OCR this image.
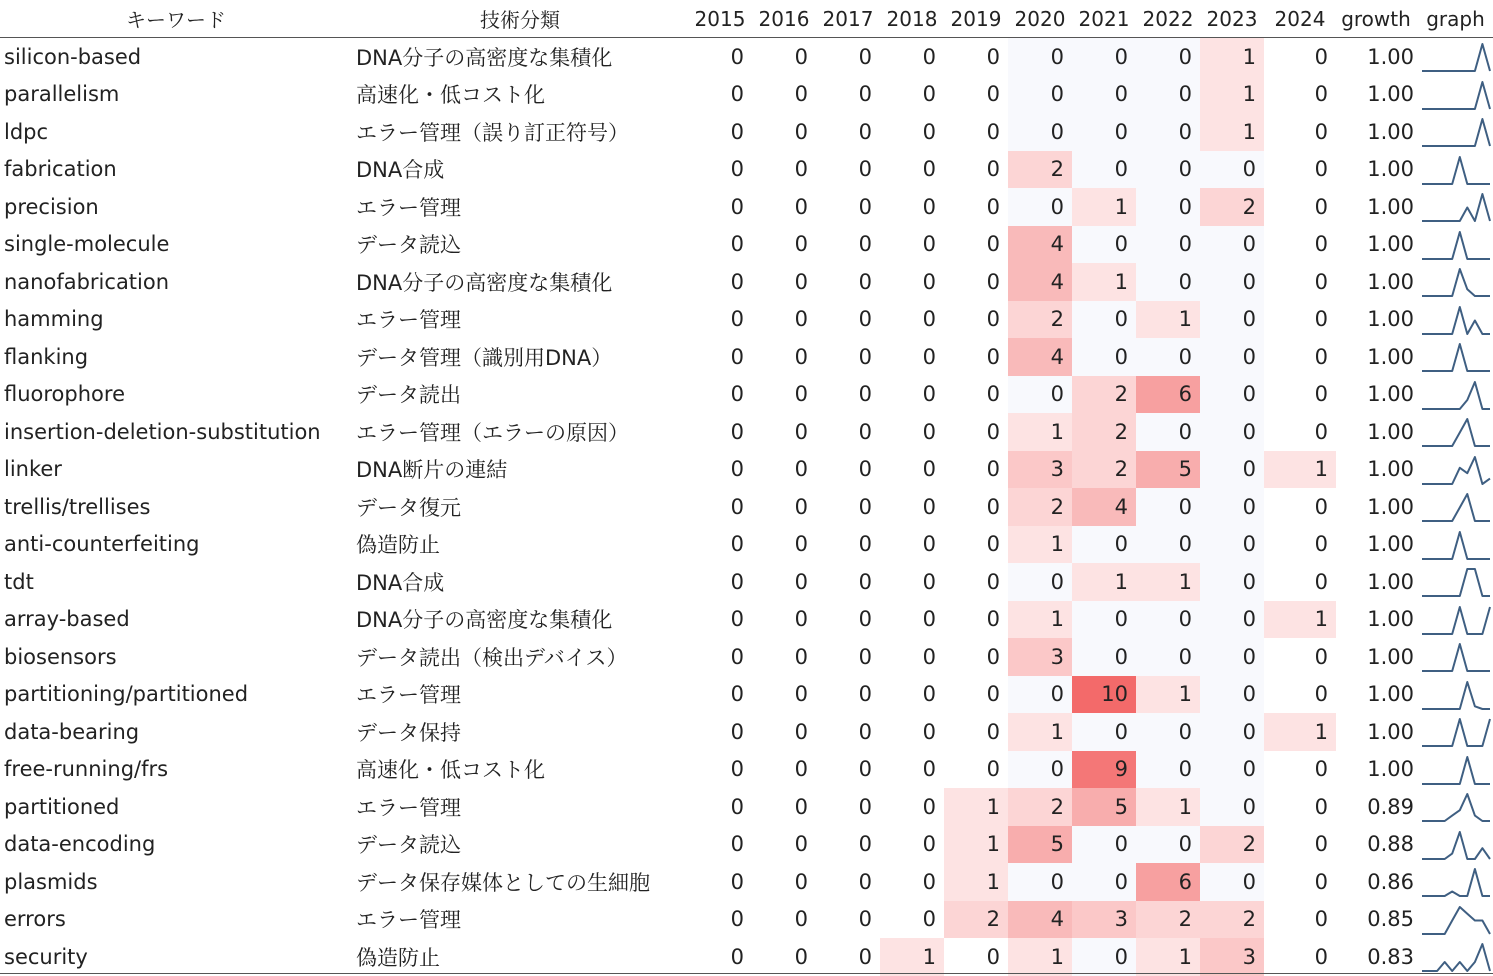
キーワード	技術分類	2015 2016 2017 2018 2019 2020 2021 2022 2023 2024 growth graph
silicon-based	DNA分子の高密度な集積化	0	0	0	0	0	0	0	0	1	0	1.00
parallelism	高速化・低コスト化	0	0	0	0	0	0	0	0	1	0	1.00
ldpc	エラー管理（誤り訂正符号）	0	0	0	0	0	0	0	0	1	0	1.00
fabrication	DNA合成	0	0	0	0	0	2	0	0	0	0	1.00
precision	エラー管理	0	0	0	0	0	0	1	0	2	0	1.00
single-molecule	データ読込	0	0	0	0	0	4	0	0	0	0	1.00
nanofabrication	DNA分子の高密度な集積化	0	0	0	0	0	4	1	0	0	0	1.00
hamming	エラー管理	0	0	0	0	0	2	0	1	0	0	1.00
flanking	データ管理（識別用DNA）	0	0	0	0	0	4	0	0	0	0	1.00
fluorophore	データ読出	0	0	0	0	0	0	2	6	0	0	1.00
insertion-deletion-substitution	エラー管理（エラーの原因）	0	0	0	0	0	1	2	0	0	0	1.00
linker	DNA断片の連結	0	0	0	0	0	3	2	5	0	1	1.00
trellis/trellises	データ復元	0	0	0	0	0	2	4	0	0	0	1.00
anti-counterfeiting	偽造防止	0	0	0	0	0	1	0	0	0	0	1.00
tdt	DNA合成	0	0	0	0	0	0	1	1	0	0	1.00
array-based	DNA分子の高密度な集積化	0	0	0	0	0	1	0	0	0	1	1.00
biosensors	データ読出（検出デバイス）	0	0	0	0	0	3	0	0	0	0	1.00
partitioning/partitioned	エラー管理	0	0	0	0	0	0	10	1	0	0	1.00
data-bearing	データ保持	0	0	0	0	0	1	0	0	0	1	1.00
free-running/frs	高速化・低コスト化	0	0	0	0	0	0	9	0	0	0	1.00
partitioned	エラー管理	0	0	0	0	1	2	5	1	0	0	0.89
data-encoding	データ読込	0	0	0	0	1	5	0	0	2	0	0.88
plasmids	データ保存媒体としての生細胞	0	0	0	0	1	0	0	6	0	0	0.86
errors	エラー管理	0	0	0	0	2	4	3	2	2	0	0.85
security	偽造防止	0	0	0	1	0	1	0	1	3	0	0.83
